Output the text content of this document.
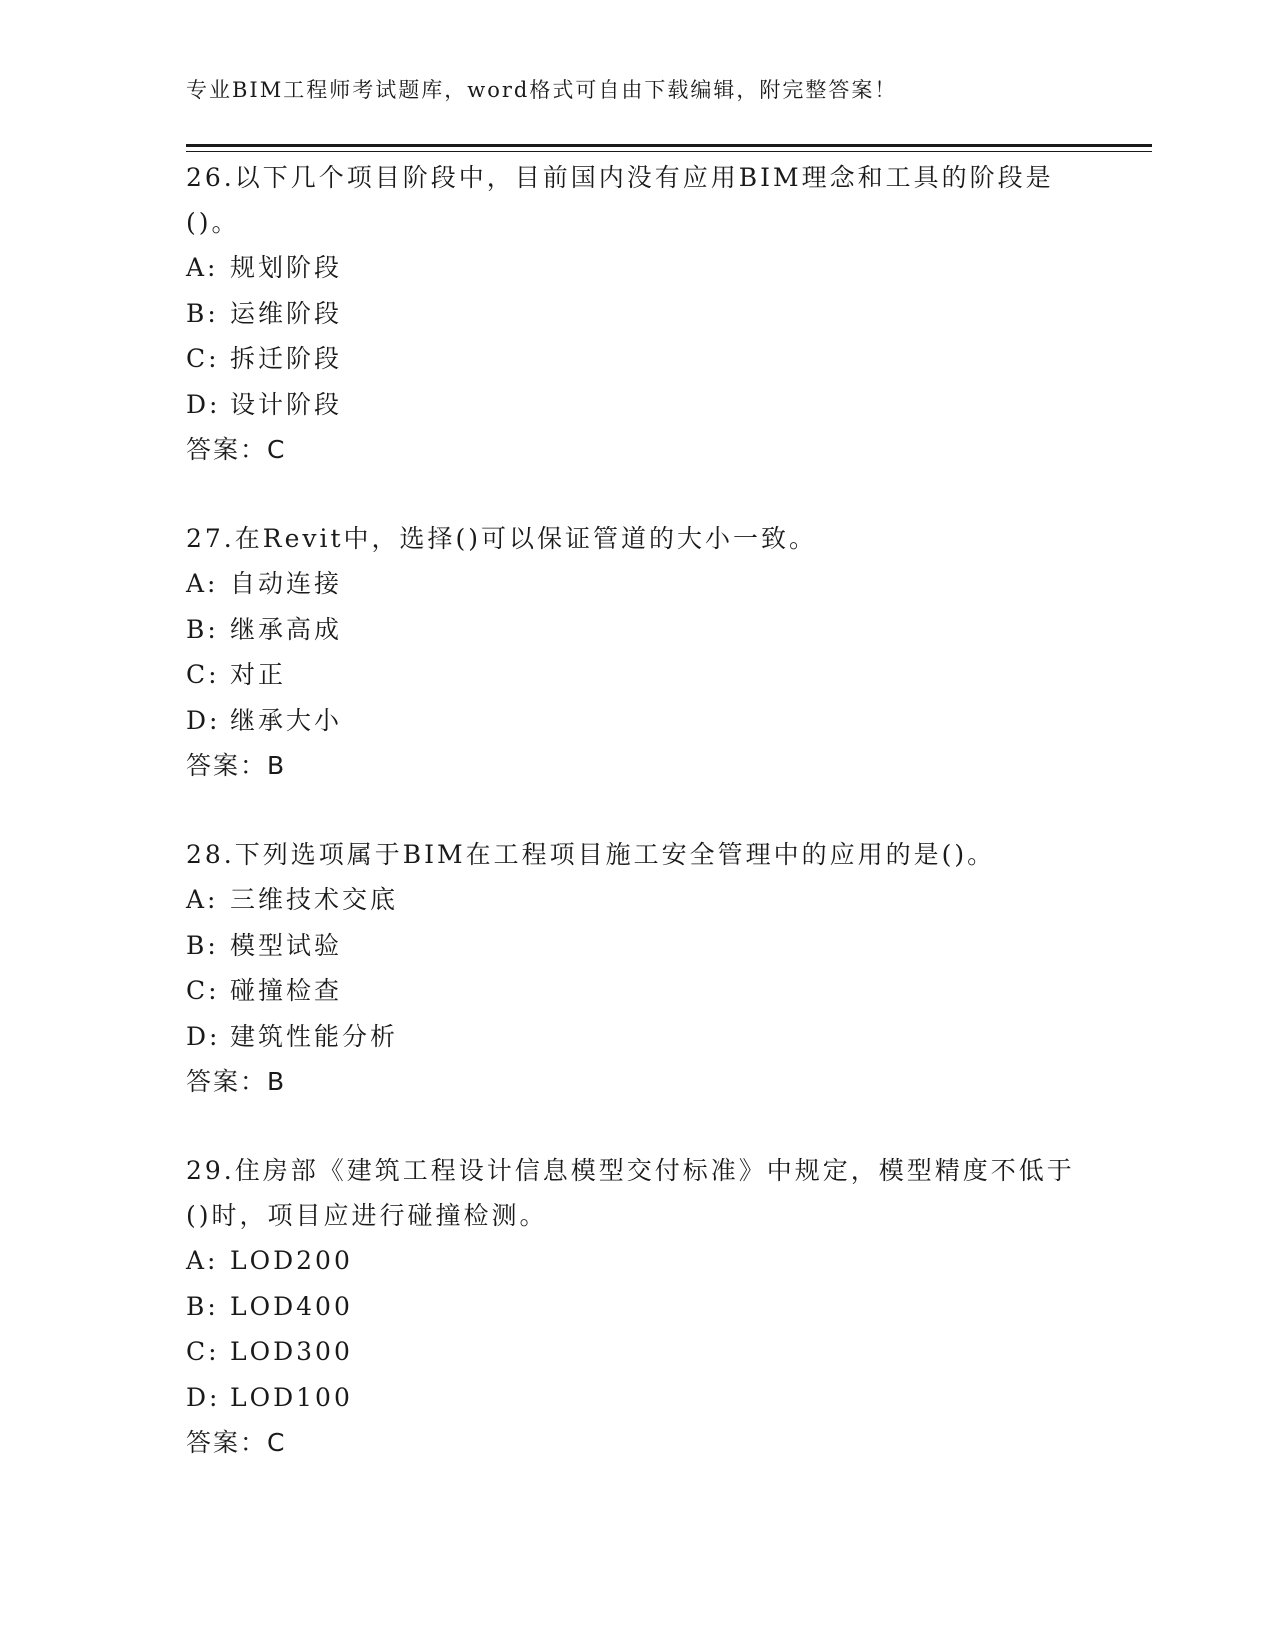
专业BIM工程师考试题库，word格式可自由下载编辑，附完整答案！

26.以下几个项目阶段中，目前国内没有应用BIM理念和工具的阶段是()。

A: 规划阶段
B: 运维阶段
C: 拆迁阶段
D: 设计阶段
答案：C

27.在Revit中，选择()可以保证管道的大小一致。

A: 自动连接
B: 继承高成
C: 对正
D: 继承大小
答案：B

28.下列选项属于BIM在工程项目施工安全管理中的应用的是()。

A: 三维技术交底
B: 模型试验
C: 碰撞检查
D: 建筑性能分析
答案：B

29.住房部《建筑工程设计信息模型交付标准》中规定，模型精度不低于()时，项目应进行碰撞检测。

A: LOD200
B: LOD400
C: LOD300
D: LOD100
答案：C
